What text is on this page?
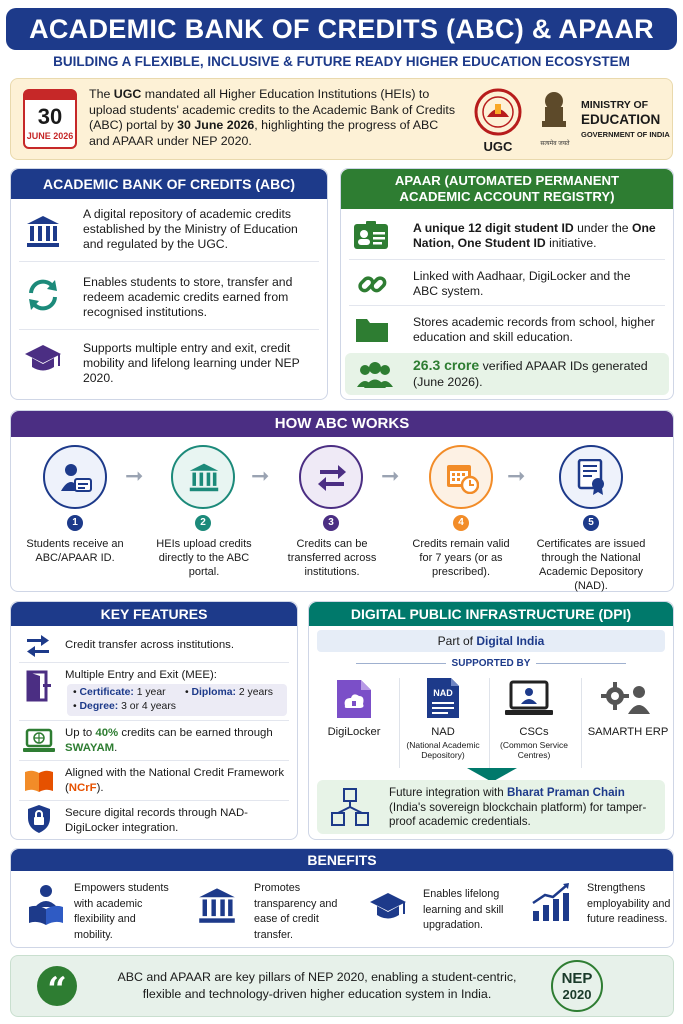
ACADEMIC BANK OF CREDITS (ABC) & APAAR
BUILDING A FLEXIBLE, INCLUSIVE & FUTURE READY HIGHER EDUCATION ECOSYSTEM
30
JUNE 2026
The UGC mandated all Higher Education Institutions (HEIs) to upload students' academic credits to the Academic Bank of Credits (ABC) portal by 30 June 2026, highlighting the progress of ABC and APAAR under NEP 2020.	UGC	सत्यमेव जयते
MINISTRY OF
EDUCATION
GOVERNMENT OF INDIA
ACADEMIC BANK OF CREDITS (ABC)
A digital repository of academic credits established by the Ministry of Education and regulated by the UGC.
Enables students to store, transfer and redeem academic credits earned from recognised institutions.
Supports multiple entry and exit, credit mobility and lifelong learning under NEP 2020.
APAAR (AUTOMATED PERMANENT
ACADEMIC ACCOUNT REGISTRY)
A unique 12 digit student ID under the One Nation, One Student ID initiative.
Linked with Aadhaar, DigiLocker and the ABC system.
Stores academic records from school, higher education and skill education.
26.3 crore verified APAAR IDs generated (June 2026).
HOW ABC WORKS
1
Students receive an ABC/APAAR ID.
➞
2
HEIs upload credits directly to the ABC portal.
➞
3
Credits can be transferred across institutions.
➞
4
Credits remain valid for 7 years (or as prescribed).
➞
5
Certificates are issued through the National Academic Depository (NAD).
KEY FEATURES
Credit transfer across institutions.
Multiple Entry and Exit (MEE):
• Certificate: 1 year • Diploma: 2 years
• Degree: 3 or 4 years
Up to 40% credits can be earned through SWAYAM.
Aligned with the National Credit Framework (NCrF).
Secure digital records through NAD-DigiLocker integration.
DIGITAL PUBLIC INFRASTRUCTURE (DPI)
Part of Digital India
SUPPORTED BY
DigiLocker
NAD
NAD
(National Academic Depository)
CSCs
(Common Service Centres)
SAMARTH ERP
Future integration with Bharat Praman Chain (India's sovereign blockchain platform) for tamper-proof academic credentials.
BENEFITS
Empowers students with academic flexibility and mobility.
Promotes transparency and ease of credit transfer.
Enables lifelong learning and skill upgradation.
Strengthens employability and future readiness.
“	ABC and APAAR are key pillars of NEP 2020, enabling a student-centric, flexible and technology-driven higher education system in India.
NEP
2020
